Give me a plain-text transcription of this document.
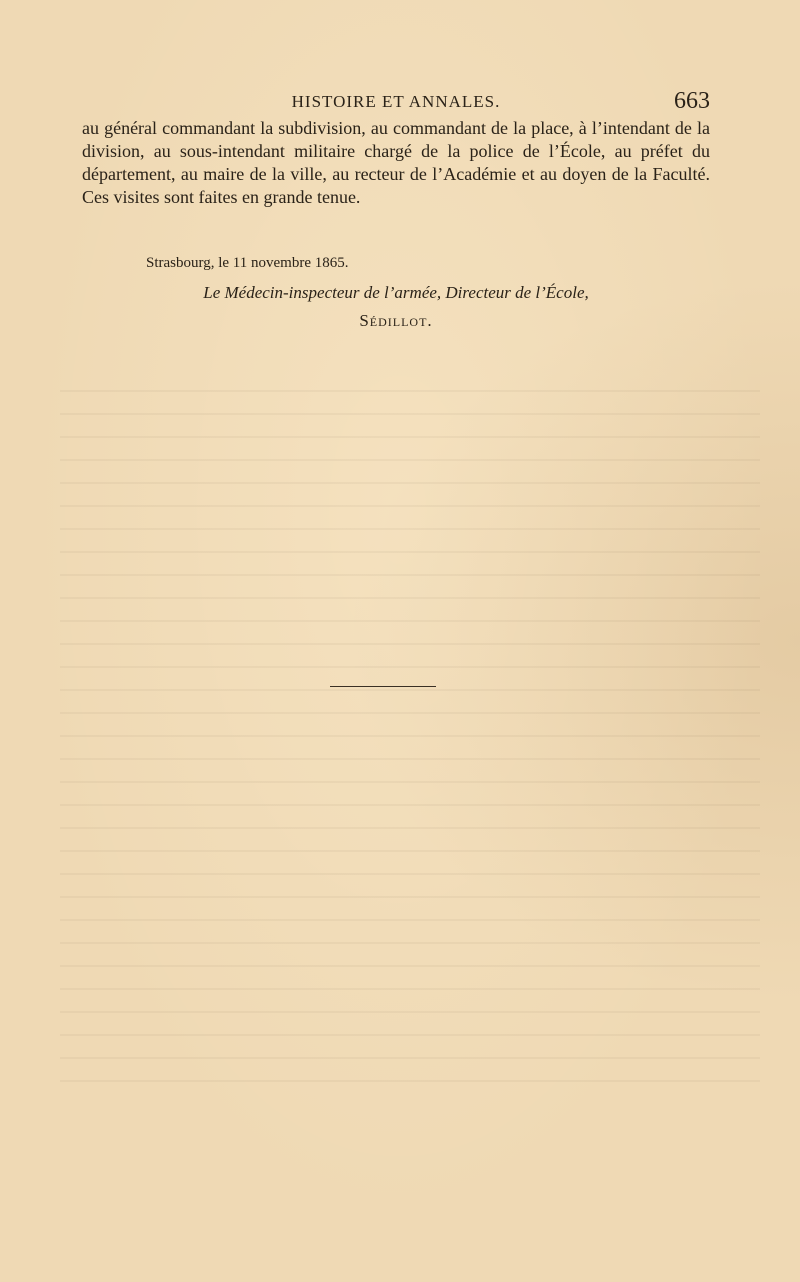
HISTOIRE ET ANNALES.	663

au général commandant la subdivision, au commandant de la place, à l’intendant de la division, au sous-intendant militaire chargé de la police de l’École, au préfet du département, au maire de la ville, au recteur de l’Académie et au doyen de la Faculté. Ces visites sont faites en grande tenue.

Strasbourg, le 11 novembre 1865.
Le Médecin-inspecteur de l’armée, Directeur de l’École,
Sédillot.
